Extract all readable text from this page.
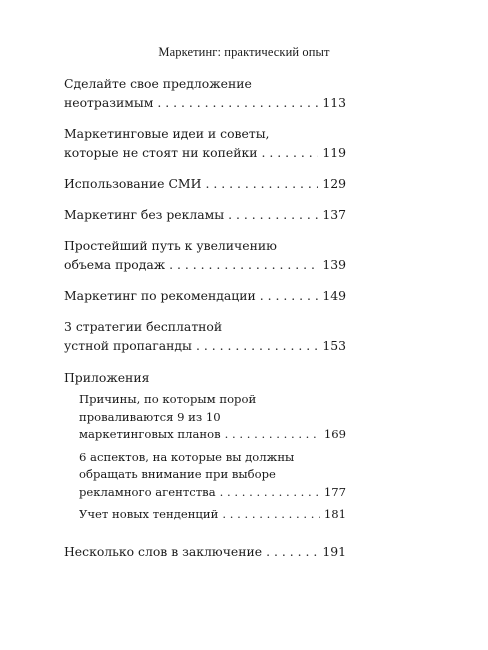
Маркетинг: практический опыт
Сделайте свое предложение
неотразимым . . .	113
Маркетинговые идеи и советы,
которые не стоят ни копейки . . .	119
Использование СМИ . . .	129
Маркетинг без рекламы . . .	137
Простейший путь к увеличению
объема продаж . . .	139
Маркетинг по рекомендации . . .	149
3 стратегии бесплатной
устной пропаганды . . .	153
Приложения
Причины, по которым порой
проваливаются 9 из 10
маркетинговых планов . . .	169
6 аспектов, на которые вы должны
обращать внимание при выборе
рекламного агентства . . .	177
Учет новых тенденций . . .	181
Несколько слов в заключение . . .	191
